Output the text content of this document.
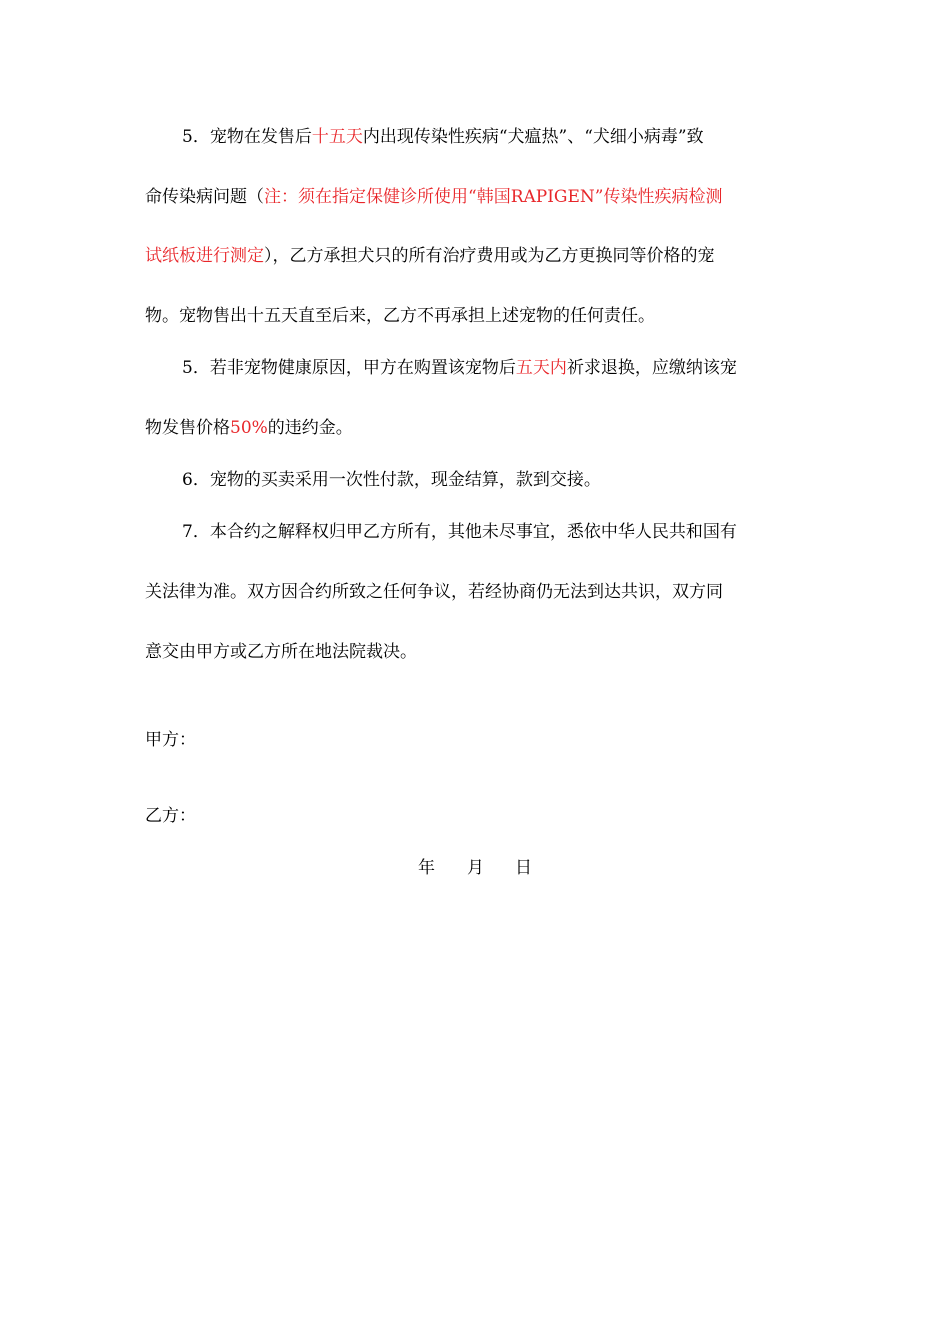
5．宠物在发售后十五天内出现传染性疾病“犬瘟热”、“犬细小病毒”致
命传染病问题（注：须在指定保健诊所使用“韩国RAPIGEN”传染性疾病检测
试纸板进行测定），乙方承担犬只的所有治疗费用或为乙方更换同等价格的宠
物。宠物售出十五天直至后来，乙方不再承担上述宠物的任何责任。
5．若非宠物健康原因，甲方在购置该宠物后五天内祈求退换，应缴纳该宠
物发售价格50%的违约金。
6．宠物的买卖采用一次性付款，现金结算，款到交接。
7．本合约之解释权归甲乙方所有，其他未尽事宜，悉依中华人民共和国有
关法律为准。双方因合约所致之任何争议，若经协商仍无法到达共识，双方同
意交由甲方或乙方所在地法院裁决。
甲方：
乙方：
年 月 日
